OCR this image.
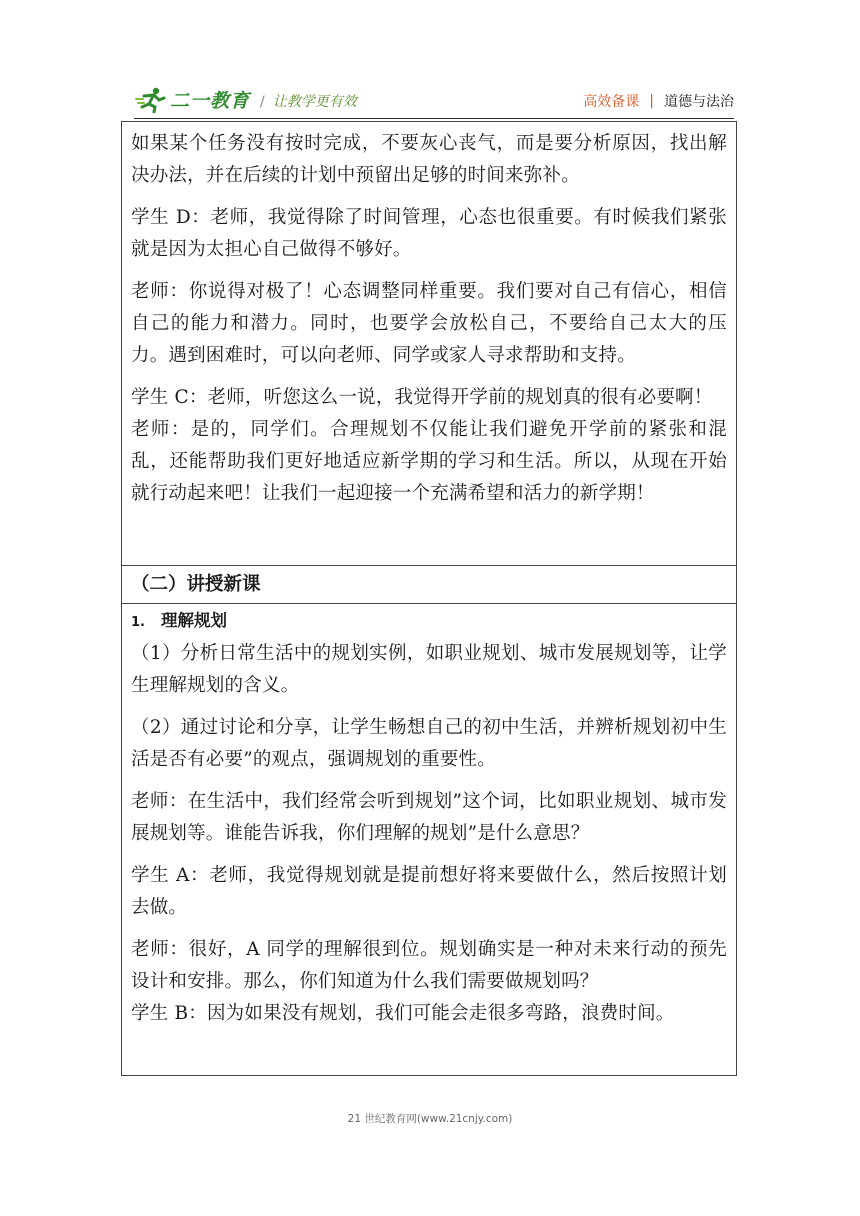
二一教育 / 让教学更有效	高效备课 | 道德与法治

如果某个任务没有按时完成，不要灰心丧气，而是要分析原因，找出解决办法，并在后续的计划中预留出足够的时间来弥补。

学生 D：老师，我觉得除了时间管理，心态也很重要。有时候我们紧张就是因为太担心自己做得不够好。

老师：你说得对极了！心态调整同样重要。我们要对自己有信心，相信自己的能力和潜力。同时，也要学会放松自己，不要给自己太大的压力。遇到困难时，可以向老师、同学或家人寻求帮助和支持。

学生 C：老师，听您这么一说，我觉得开学前的规划真的很有必要啊！

老师：是的，同学们。合理规划不仅能让我们避免开学前的紧张和混乱，还能帮助我们更好地适应新学期的学习和生活。所以，从现在开始就行动起来吧！让我们一起迎接一个充满希望和活力的新学期！

（二）讲授新课

1. 理解规划

（1）分析日常生活中的规划实例，如职业规划、城市发展规划等，让学生理解规划的含义。

（2）通过讨论和分享，让学生畅想自己的初中生活，并辨析规划初中生活是否有必要”的观点，强调规划的重要性。

老师：在生活中，我们经常会听到规划”这个词，比如职业规划、城市发展规划等。谁能告诉我，你们理解的规划”是什么意思？

学生 A：老师，我觉得规划就是提前想好将来要做什么，然后按照计划去做。

老师：很好，A 同学的理解很到位。规划确实是一种对未来行动的预先设计和安排。那么，你们知道为什么我们需要做规划吗？

学生 B：因为如果没有规划，我们可能会走很多弯路，浪费时间。

21 世纪教育网(www.21cnjy.com)
